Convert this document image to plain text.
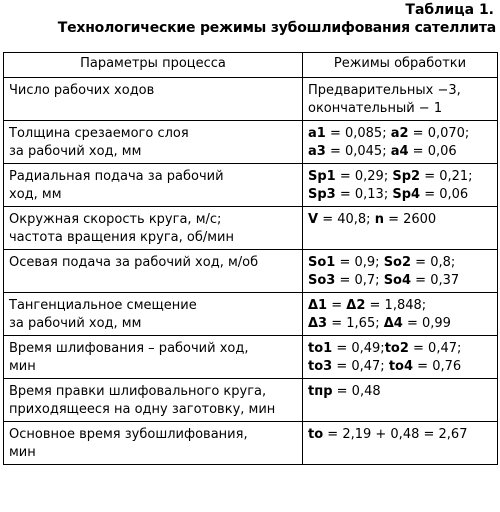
Таблица 1.
Технологические режимы зубошлифования сателлита
Параметры процесса	Режимы обработки

Число рабочих ходов	Предварительных −3,
окончательный − 1

Толщина срезаемого слоя
за рабочий ход, мм	a1 = 0,085; a2 = 0,070;
a3 = 0,045; a4 = 0,06

Радиальная подача за рабочий
ход, мм	Sp1 = 0,29; Sp2 = 0,21;
Sp3 = 0,13; Sp4 = 0,06

Окружная скорость круга, м/с;
частота вращения круга, об/мин	V = 40,8; n = 2600

Осевая подача за рабочий ход, м/об	So1 = 0,9; So2 = 0,8;
So3 = 0,7; So4 = 0,37

Тангенциальное смещение
за рабочий ход, мм	Δ1 = Δ2 = 1,848;
Δ3 = 1,65; Δ4 = 0,99

Время шлифования – рабочий ход,
мин	to1 = 0,49;to2 = 0,47;
to3 = 0,47; to4 = 0,76

Время правки шлифовального круга,
приходящееся на одну заготовку, мин	tпр = 0,48

Основное время зубошлифования,
мин	to = 2,19 + 0,48 = 2,67
